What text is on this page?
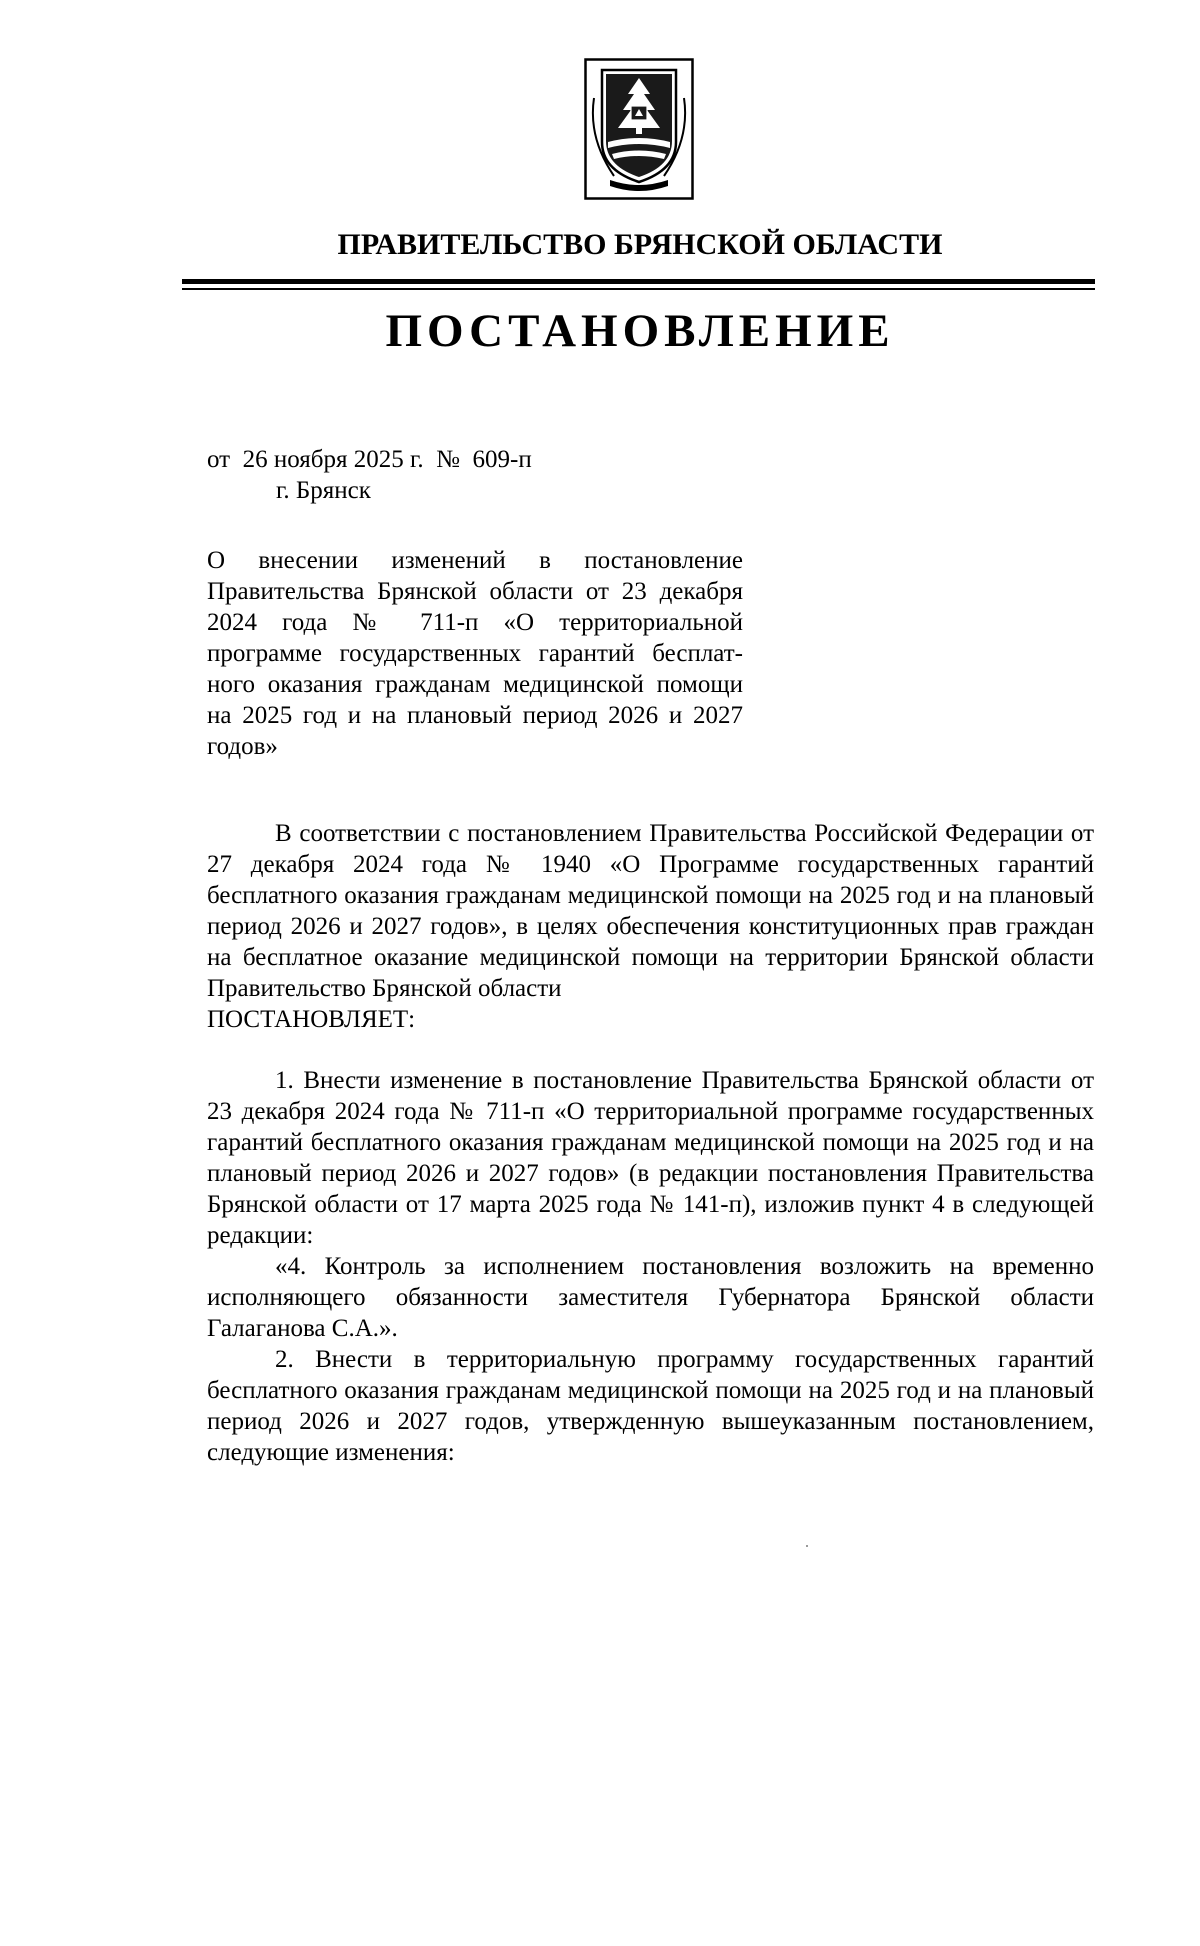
ПРАВИТЕЛЬСТВО БРЯНСКОЙ ОБЛАСТИ
ПОСТАНОВЛЕНИЕ
от  26 ноября 2025 г.  №  609-п
г. Брянск
О внесении изменений в постановление Правительства Брянской области от 23 декабря 2024 года № 711-п «О территориальной программе государственных гарантий бесплатного оказания гражданам медицинской помощи на 2025 год и на плановый период 2026 и 2027 годов»

В соответствии с постановлением Правительства Российской Федерации от 27 декабря 2024 года № 1940 «О Программе государственных гарантий бесплатного оказания гражданам медицинской помощи на 2025 год и на плановый период 2026 и 2027 годов», в целях обеспечения конституционных прав граждан на бесплатное оказание медицинской помощи на территории Брянской области Правительство Брянской области

ПОСТАНОВЛЯЕТ:

1. Внести изменение в постановление Правительства Брянской области от 23 декабря 2024 года № 711-п «О территориальной программе государственных гарантий бесплатного оказания гражданам медицинской помощи на 2025 год и на плановый период 2026 и 2027 годов» (в редакции постановления Правительства Брянской области от 17 марта 2025 года № 141-п), изложив пункт 4 в следующей редакции:

«4. Контроль за исполнением постановления возложить на временно исполняющего обязанности заместителя Губернатора Брянской области Галаганова С.А.».

2. Внести в территориальную программу государственных гарантий бесплатного оказания гражданам медицинской помощи на 2025 год и на плановый период 2026 и 2027 годов, утвержденную вышеуказанным постановлением, следующие изменения:
